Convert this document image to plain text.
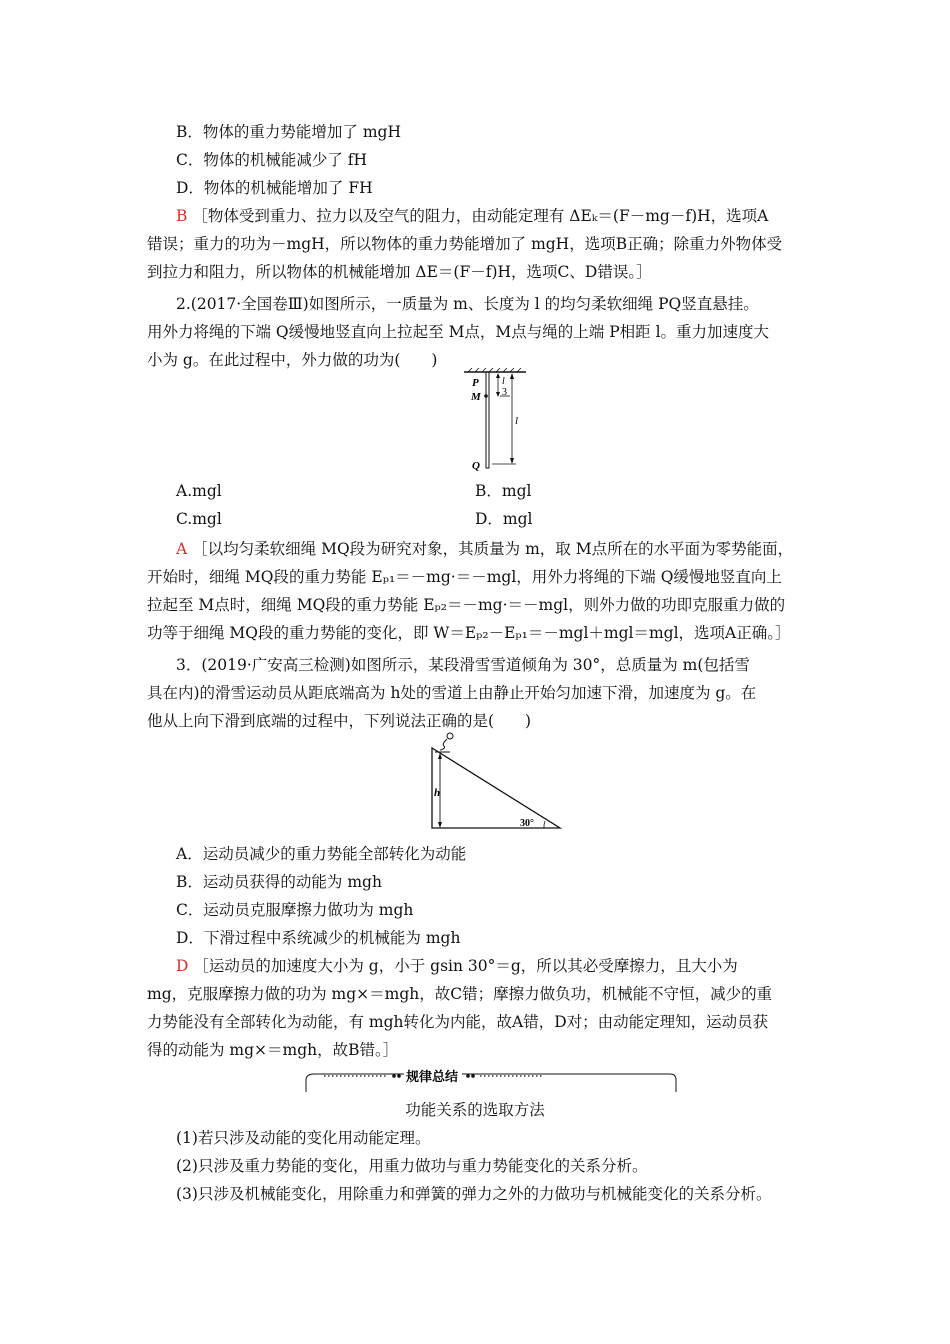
B．物体的重力势能增加了 mgH
C．物体的机械能减少了 fH
D．物体的机械能增加了 FH
B ［物体受到重力、拉力以及空气的阻力，由动能定理有 ΔEₖ＝(F－mg－f)H，选项A
错误；重力的功为－mgH，所以物体的重力势能增加了 mgH，选项B正确；除重力外物体受
到拉力和阻力，所以物体的机械能增加 ΔE＝(F－f)H，选项C、D错误。］
2.(2017·全国卷Ⅲ)如图所示，一质量为 m、长度为 l 的均匀柔软细绳 PQ竖直悬挂。
用外力将绳的下端 Q缓慢地竖直向上拉起至 M点，M点与绳的上端 P相距 l。重力加速度大
小为 g。在此过程中，外力做的功为(　　)
P
M
Q
l
3
l
A.mgl	B．mgl
C.mgl	D．mgl
A ［以均匀柔软细绳 MQ段为研究对象，其质量为 m，取 M点所在的水平面为零势能面，
开始时，细绳 MQ段的重力势能 Eₚ₁＝－mg·＝－mgl，用外力将绳的下端 Q缓慢地竖直向上
拉起至 M点时，细绳 MQ段的重力势能 Eₚ₂＝－mg·＝－mgl，则外力做的功即克服重力做的
功等于细绳 MQ段的重力势能的变化，即 W＝Eₚ₂－Eₚ₁＝－mgl＋mgl＝mgl，选项A正确。］
3．(2019·广安高三检测)如图所示，某段滑雪雪道倾角为 30°，总质量为 m(包括雪
具在内)的滑雪运动员从距底端高为 h处的雪道上由静止开始匀加速下滑，加速度为 g。在
他从上向下滑到底端的过程中，下列说法正确的是(　　)
h
30°
A．运动员减少的重力势能全部转化为动能
B．运动员获得的动能为 mgh
C．运动员克服摩擦力做功为 mgh
D．下滑过程中系统减少的机械能为 mgh
D ［运动员的加速度大小为 g，小于 gsin 30°＝g，所以其必受摩擦力，且大小为
mg，克服摩擦力做的功为 mg×＝mgh，故C错；摩擦力做负功，机械能不守恒，减少的重
力势能没有全部转化为动能，有 mgh转化为内能，故A错，D对；由动能定理知，运动员获
得的动能为 mg×＝mgh，故B错。］
规律总结
功能关系的选取方法
(1)若只涉及动能的变化用动能定理。
(2)只涉及重力势能的变化，用重力做功与重力势能变化的关系分析。
(3)只涉及机械能变化，用除重力和弹簧的弹力之外的力做功与机械能变化的关系分析。
